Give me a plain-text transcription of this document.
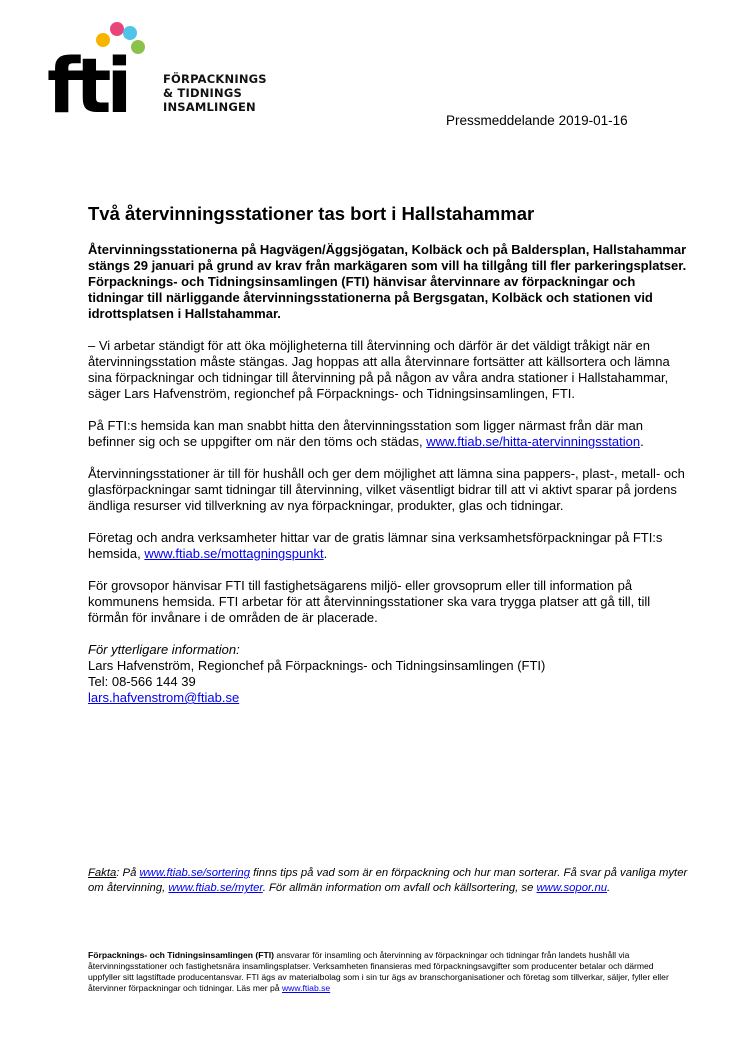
fti	FÖRPACKNINGS
& TIDNINGS
INSAMLINGEN
Pressmeddelande 2019-01-16
Två återvinningsstationer tas bort i Hallstahammar

Återvinningsstationerna på Hagvägen/Äggsjögatan, Kolbäck och på Baldersplan, Hallstahammar stängs 29 januari på grund av krav från markägaren som vill ha tillgång till fler parkeringsplatser. Förpacknings- och Tidningsinsamlingen (FTI) hänvisar återvinnare av förpackningar och tidningar till närliggande återvinningsstationerna på Bergsgatan, Kolbäck och stationen vid idrottsplatsen i Hallstahammar.

– Vi arbetar ständigt för att öka möjligheterna till återvinning och därför är det väldigt tråkigt när en återvinningsstation måste stängas. Jag hoppas att alla återvinnare fortsätter att källsortera och lämna sina förpackningar och tidningar till återvinning på på någon av våra andra stationer i Hallstahammar, säger Lars Hafvenström, regionchef på Förpacknings- och Tidningsinsamlingen, FTI.

På FTI:s hemsida kan man snabbt hitta den återvinningsstation som ligger närmast från där man befinner sig och se uppgifter om när den töms och städas, www.ftiab.se/hitta-atervinningsstation.

Återvinningsstationer är till för hushåll och ger dem möjlighet att lämna sina pappers-, plast-, metall- och glasförpackningar samt tidningar till återvinning, vilket väsentligt bidrar till att vi aktivt sparar på jordens ändliga resurser vid tillverkning av nya förpackningar, produkter, glas och tidningar.

Företag och andra verksamheter hittar var de gratis lämnar sina verksamhetsförpackningar på FTI:s hemsida, www.ftiab.se/mottagningspunkt.

För grovsopor hänvisar FTI till fastighetsägarens miljö- eller grovsoprum eller till information på kommunens hemsida. FTI arbetar för att återvinningsstationer ska vara trygga platser att gå till, till förmån för invånare i de områden de är placerade.

För ytterligare information:

Lars Hafvenström, Regionchef på Förpacknings- och Tidningsinsamlingen (FTI)

Tel: 08-566 144 39

lars.hafvenstrom@ftiab.se

Fakta: På www.ftiab.se/sortering finns tips på vad som är en förpackning och hur man sorterar. Få svar på vanliga myter om återvinning, www.ftiab.se/myter. För allmän information om avfall och källsortering, se www.sopor.nu.
Förpacknings- och Tidningsinsamlingen (FTI) ansvarar för insamling och återvinning av förpackningar och tidningar från landets hushåll via återvinningsstationer och fastighetsnära insamlingsplatser. Verksamheten finansieras med förpackningsavgifter som producenter betalar och därmed uppfyller sitt lagstiftade producentansvar. FTI ägs av materialbolag som i sin tur ägs av branschorganisationer och företag som tillverkar, säljer, fyller eller återvinner förpackningar och tidningar. Läs mer på www.ftiab.se
